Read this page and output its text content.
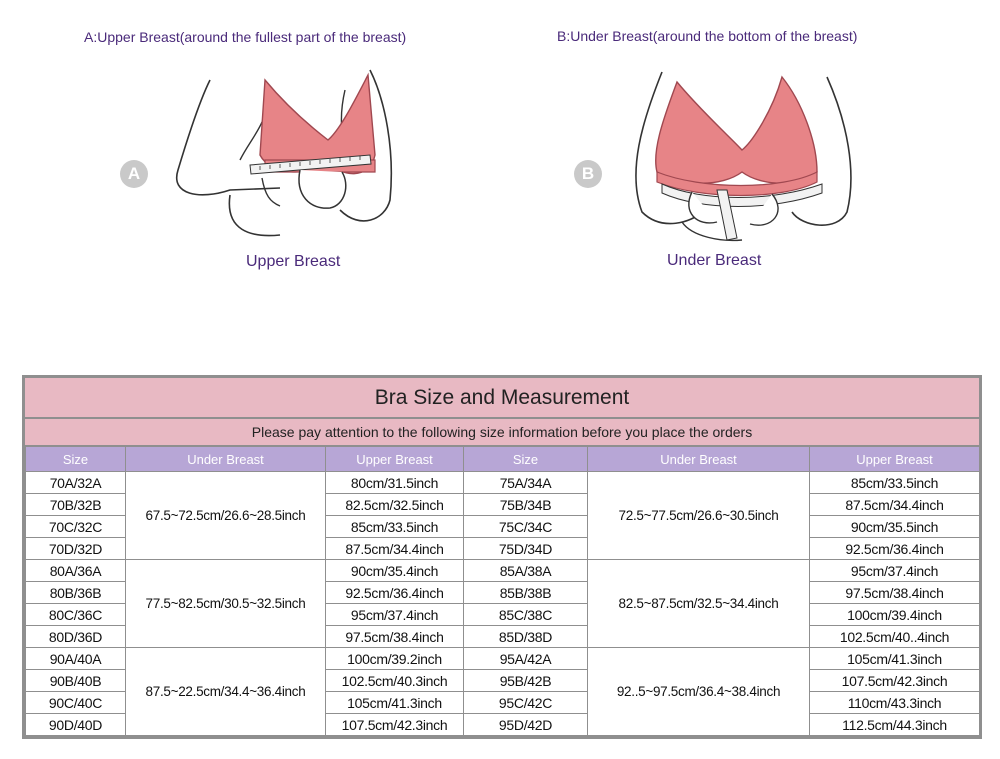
A:Upper Breast(around the fullest part of the breast)
A
Upper Breast
B:Under Breast(around the bottom of the breast)
B
Under Breast
Bra Size and Measurement
Please pay attention to the following size information before you place the orders
Size	Under Breast	Upper Breast	Size	Under Breast	Upper Breast
70A/32A	67.5~72.5cm/26.6~28.5inch	80cm/31.5inch	75A/34A	72.5~77.5cm/26.6~30.5inch	85cm/33.5inch
70B/32B		82.5cm/32.5inch	75B/34B		87.5cm/34.4inch
70C/32C		85cm/33.5inch	75C/34C		90cm/35.5inch
70D/32D		87.5cm/34.4inch	75D/34D		92.5cm/36.4inch
80A/36A	77.5~82.5cm/30.5~32.5inch	90cm/35.4inch	85A/38A	82.5~87.5cm/32.5~34.4inch	95cm/37.4inch
80B/36B		92.5cm/36.4inch	85B/38B		97.5cm/38.4inch
80C/36C		95cm/37.4inch	85C/38C		100cm/39.4inch
80D/36D		97.5cm/38.4inch	85D/38D		102.5cm/40..4inch
90A/40A	87.5~22.5cm/34.4~36.4inch	100cm/39.2inch	95A/42A	92..5~97.5cm/36.4~38.4inch	105cm/41.3inch
90B/40B		102.5cm/40.3inch	95B/42B		107.5cm/42.3inch
90C/40C		105cm/41.3inch	95C/42C		110cm/43.3inch
90D/40D		107.5cm/42.3inch	95D/42D		112.5cm/44.3inch
